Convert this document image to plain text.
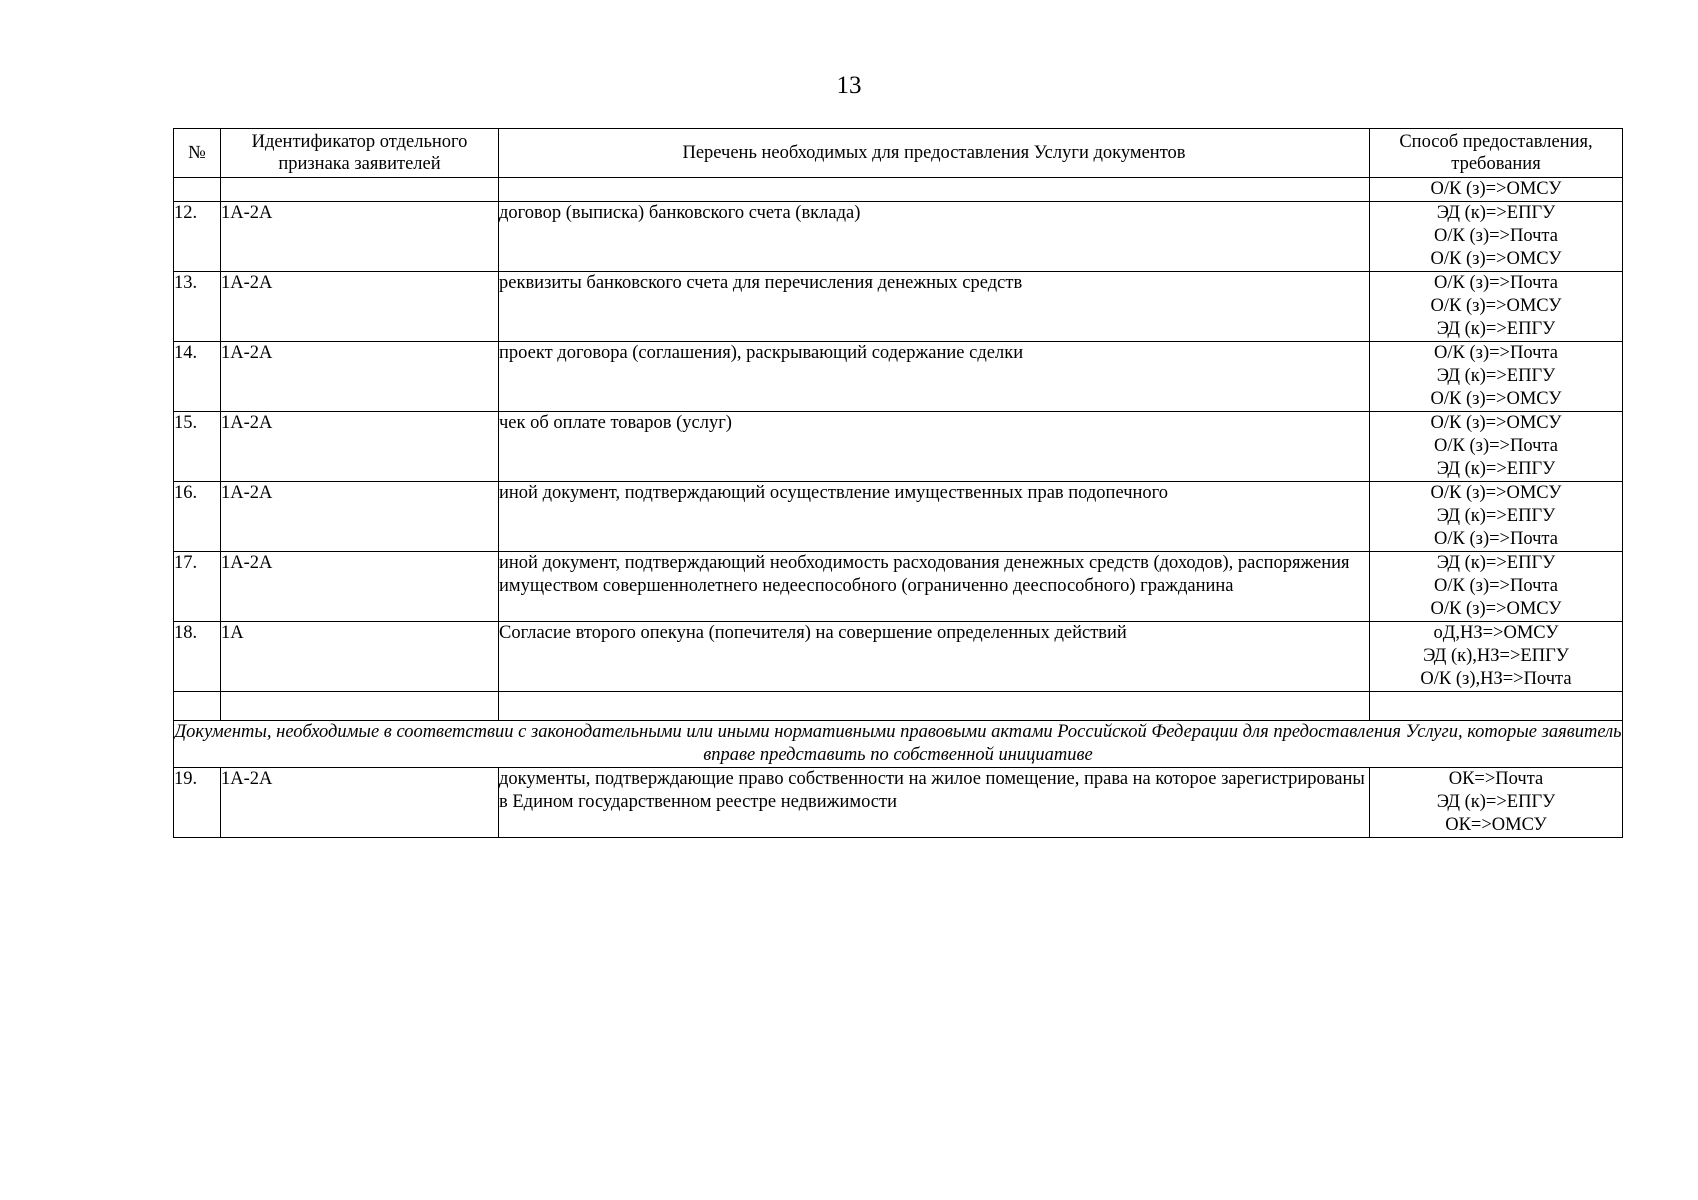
13
№	Идентификатор отдельного признака заявителей	Перечень необходимых для предоставления Услуги документов	Способ предоставления, требования

			О/К (з)=>ОМСУ

12.	1А-2А	договор (выписка) банковского счета (вклада)	ЭД (к)=>ЕПГУ
О/К (з)=>Почта
О/К (з)=>ОМСУ

13.	1А-2А	реквизиты банковского счета для перечисления денежных средств	О/К (з)=>Почта
О/К (з)=>ОМСУ
ЭД (к)=>ЕПГУ

14.	1А-2А	проект договора (соглашения), раскрывающий содержание сделки	О/К (з)=>Почта
ЭД (к)=>ЕПГУ
О/К (з)=>ОМСУ

15.	1А-2А	чек об оплате товаров (услуг)	О/К (з)=>ОМСУ
О/К (з)=>Почта
ЭД (к)=>ЕПГУ

16.	1А-2А	иной документ, подтверждающий осуществление имущественных прав подопечного	О/К (з)=>ОМСУ
ЭД (к)=>ЕПГУ
О/К (з)=>Почта

17.	1А-2А	иной документ, подтверждающий необходимость расходования денежных средств (доходов), распоряжения имуществом совершеннолетнего недееспособного (ограниченно дееспособного) гражданина	ЭД (к)=>ЕПГУ
О/К (з)=>Почта
О/К (з)=>ОМСУ

18.	1А	Согласие второго опекуна (попечителя) на совершение определенных действий	оД,НЗ=>ОМСУ
ЭД (к),НЗ=>ЕПГУ
О/К (з),НЗ=>Почта

Документы, необходимые в соответствии с законодательными или иными нормативными правовыми актами Российской Федерации для предоставления Услуги, которые заявитель вправе представить по собственной инициативе			
19.	1А-2А	документы, подтверждающие право собственности на жилое помещение, права на которое зарегистрированы в Едином государственном реестре недвижимости	ОК=>Почта
ЭД (к)=>ЕПГУ
ОК=>ОМСУ
